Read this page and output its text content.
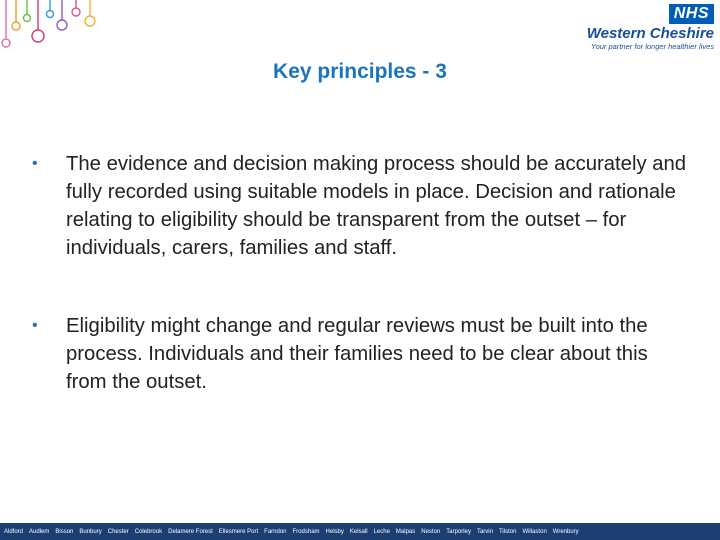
NHS
Western Cheshire
Your partner for longer healthier lives
Key principles - 3
• The evidence and decision making process should be accurately and fully recorded using suitable models in place. Decision and rationale relating to eligibility should be transparent from the outset – for individuals, carers, families and staff.
• Eligibility might change and regular reviews must be built into the process. Individuals and their families need to be clear about this from the outset.
Aldford Audlem Bisson Bunbury Chester Colebrook Delamere Forest Ellesmere Port Farndon Frodsham Helsby Kelsall Leche Malpas Neston Tarporley Tarvin Tilston Willaston Wrenbury
